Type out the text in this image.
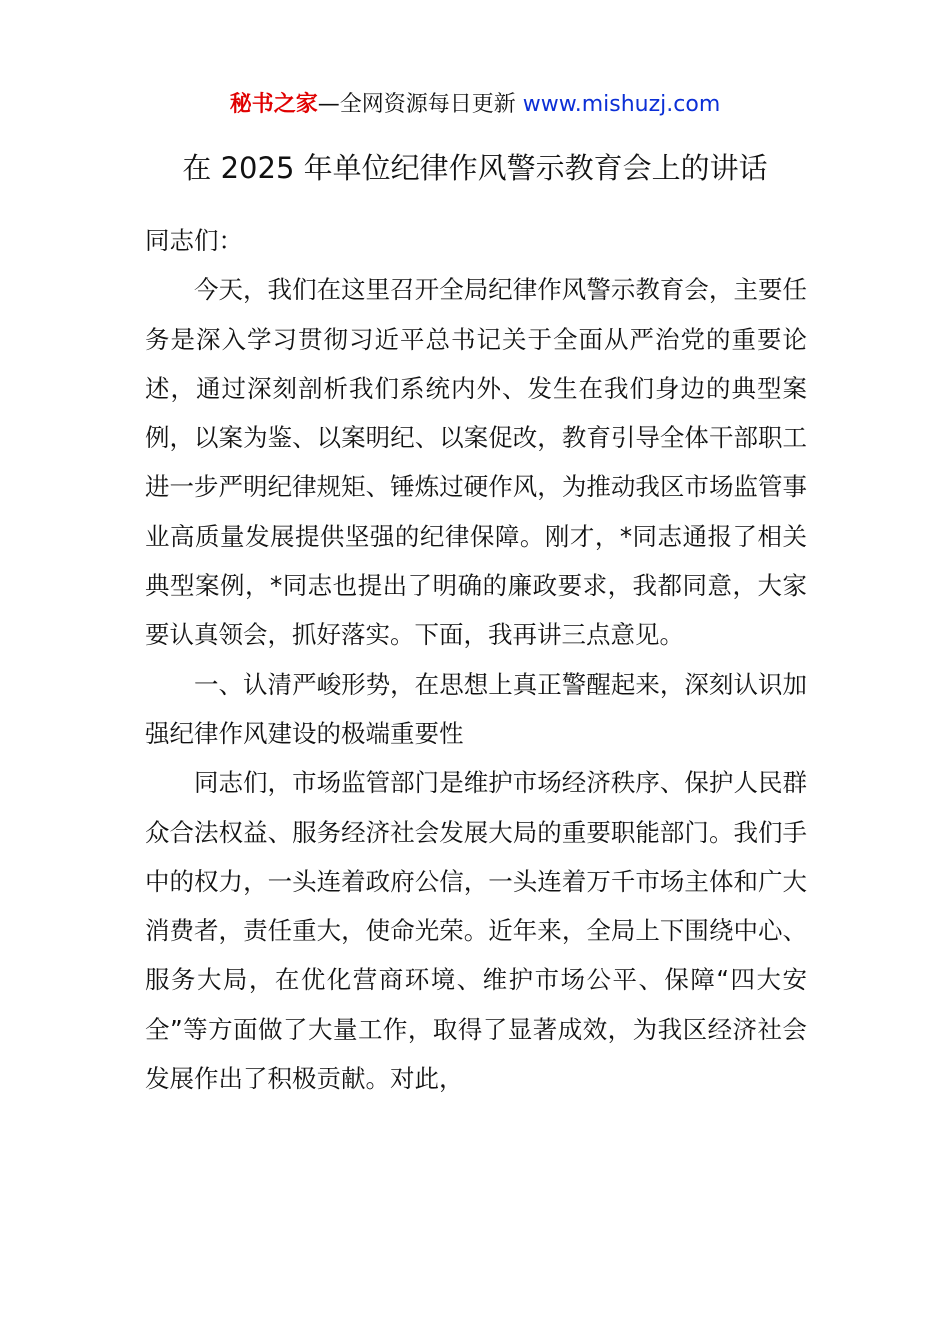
秘书之家—全网资源每日更新 www.mishuzj.com
在 2025 年单位纪律作风警示教育会上的讲话

同志们：

今天，我们在这里召开全局纪律作风警示教育会，主要任务是深入学习贯彻习近平总书记关于全面从严治党的重要论述，通过深刻剖析我们系统内外、发生在我们身边的典型案例，以案为鉴、以案明纪、以案促改，教育引导全体干部职工进一步严明纪律规矩、锤炼过硬作风，为推动我区市场监管事业高质量发展提供坚强的纪律保障。刚才，*同志通报了相关典型案例，*同志也提出了明确的廉政要求，我都同意，大家要认真领会，抓好落实。下面，我再讲三点意见。

一、认清严峻形势，在思想上真正警醒起来，深刻认识加强纪律作风建设的极端重要性

同志们，市场监管部门是维护市场经济秩序、保护人民群众合法权益、服务经济社会发展大局的重要职能部门。我们手中的权力，一头连着政府公信，一头连着万千市场主体和广大消费者，责任重大，使命光荣。近年来，全局上下围绕中心、服务大局，在优化营商环境、维护市场公平、保障“四大安全”等方面做了大量工作，取得了显著成效，为我区经济社会发展作出了积极贡献。对此，
